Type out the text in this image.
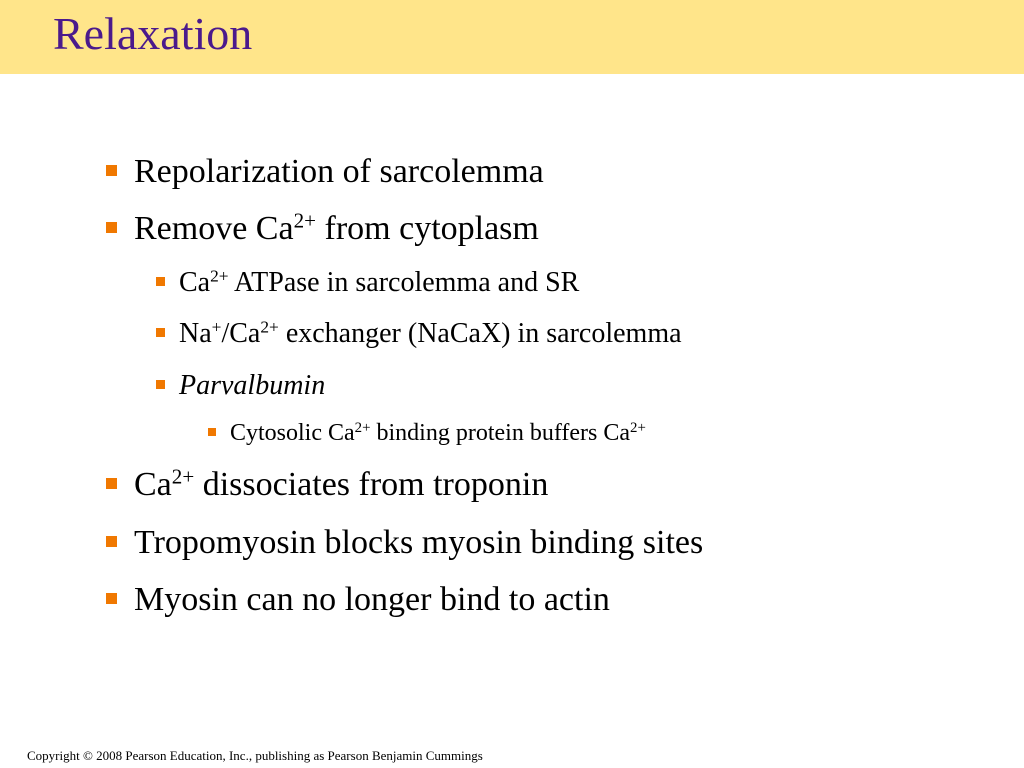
Relaxation
Repolarization of sarcolemma
Remove $Ca^{2+}$ from cytoplasm
$Ca^{2+}$ ATPase in sarcolemma and SR
$Na^+/Ca^{2+}$ exchanger (NaCaX) in sarcolemma
Parvalbumin
Cytosolic $Ca^{2+}$ binding protein buffers $Ca^{2+}$
$Ca^{2+}$ dissociates from troponin
Tropomyosin blocks myosin binding sites
Myosin can no longer bind to actin

Copyright © 2008 Pearson Education, Inc., publishing as Pearson Benjamin Cummings
